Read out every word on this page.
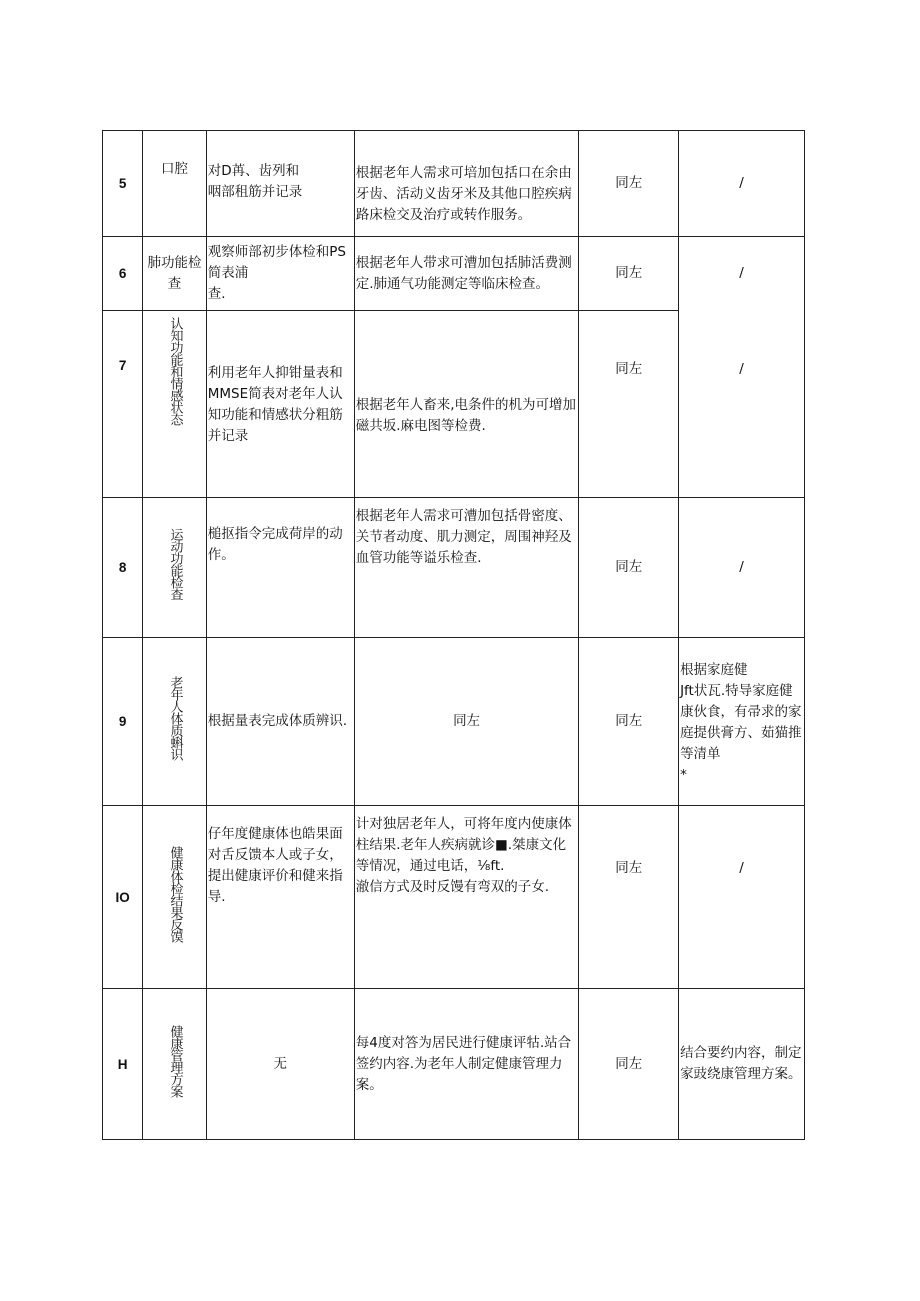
5	口腔	对D苒、齿列和
咽部租筋并记录	根据老年人需求可培加包括口在余由牙齿、活动义齿牙米及其他口腔疾病路床检交及治疗或转作服务。	同左	/
6	肺功能检查	观察师部初步体检和PS简表浦
查.	根据老年人带求可漕加包括肺活费测定.肺通气功能测定等临床检查。	同左	/
7	认知功能和情感状态	利用老年人抑钳量表和MMSE简表对老年人认知功能和情感状分粗筋并记录	根据老年人畜来,电条件的机为可增加磁共坂.麻电图等检费.	同左	/
8	运动功能检查	槌抠指令完成荷岸的动作。	根据老年人需求可漕加包括骨密度、关节者动度、肌力测定，周围神羟及血管功能等谥乐检查.	同左	/
9	老年人体质蝌识	根据量表完成体质辨识.	同左	同左	根据家庭健
Jft状瓦.特导家庭健康伙食，有帚求的家庭提供膏方、茹猫推等清单
*
IO	健康体检结果反馍	仔年度健康体也皓果面对舌反馈本人或子女，提出健康评价和健来指导.	计对独居老年人，可将年度内使康体柱结果.老年人疾病就诊■.桀康文化等情况，通过电话，⅛ft.
澈信方式及时反馒有弯双的子女.	同左	/
H	健康管理方案	无	每4度对答为居民进行健康评牯.站合签约内容.为老年人制定健康管理力案。	同左	结合要约内容，制定家豉绕康管理方案。
